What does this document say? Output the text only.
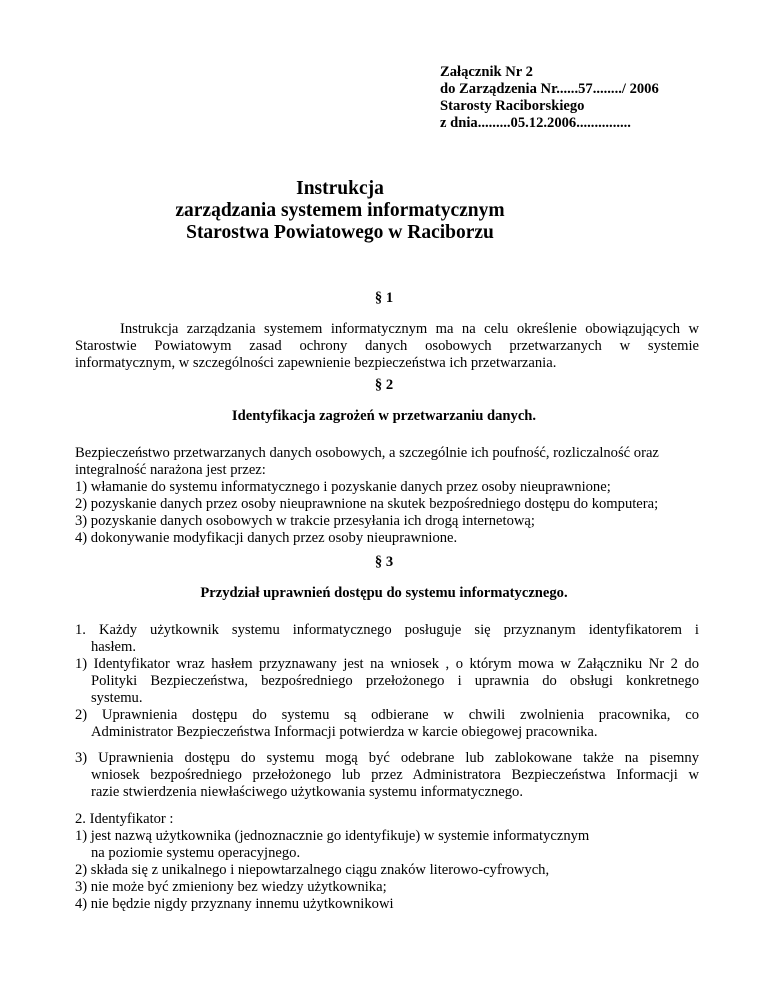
Załącznik Nr 2
do Zarządzenia Nr......57......../ 2006
Starosty Raciborskiego
z dnia.........05.12.2006...............
Instrukcja
zarządzania systemem informatycznym
Starostwa Powiatowego w Raciborzu
§ 1
Instrukcja zarządzania systemem informatycznym ma na celu określenie obowiązujących w
Starostwie Powiatowym zasad ochrony danych osobowych przetwarzanych w systemie
informatycznym, w szczególności zapewnienie bezpieczeństwa ich przetwarzania.
§ 2
Identyfikacja zagrożeń w przetwarzaniu danych.
Bezpieczeństwo przetwarzanych danych osobowych, a szczególnie ich poufność, rozliczalność oraz
integralność narażona jest przez:
1) włamanie do systemu informatycznego i pozyskanie danych przez osoby nieuprawnione;
2) pozyskanie danych przez osoby nieuprawnione na skutek bezpośredniego dostępu do komputera;
3) pozyskanie danych osobowych w trakcie przesyłania ich drogą internetową;
4) dokonywanie modyfikacji danych przez osoby nieuprawnione.
§ 3
Przydział uprawnień dostępu do systemu informatycznego.
1. Każdy użytkownik systemu informatycznego posługuje się przyznanym identyfikatorem i
hasłem.
1) Identyfikator wraz hasłem przyznawany jest na wniosek , o którym mowa w Załączniku Nr 2 do
Polityki Bezpieczeństwa, bezpośredniego przełożonego i uprawnia do obsługi konkretnego
systemu.
2) Uprawnienia dostępu do systemu są odbierane w chwili zwolnienia pracownika, co
Administrator Bezpieczeństwa Informacji potwierdza w karcie obiegowej pracownika.
3) Uprawnienia dostępu do systemu mogą być odebrane lub zablokowane także na pisemny
wniosek bezpośredniego przełożonego lub przez Administratora Bezpieczeństwa Informacji w
razie stwierdzenia niewłaściwego użytkowania systemu informatycznego.
2. Identyfikator :
1) jest nazwą użytkownika (jednoznacznie go identyfikuje) w systemie informatycznym
na poziomie systemu operacyjnego.
2) składa się z unikalnego i niepowtarzalnego ciągu znaków literowo-cyfrowych,
3) nie może być zmieniony bez wiedzy użytkownika;
4) nie będzie nigdy przyznany innemu użytkownikowi
